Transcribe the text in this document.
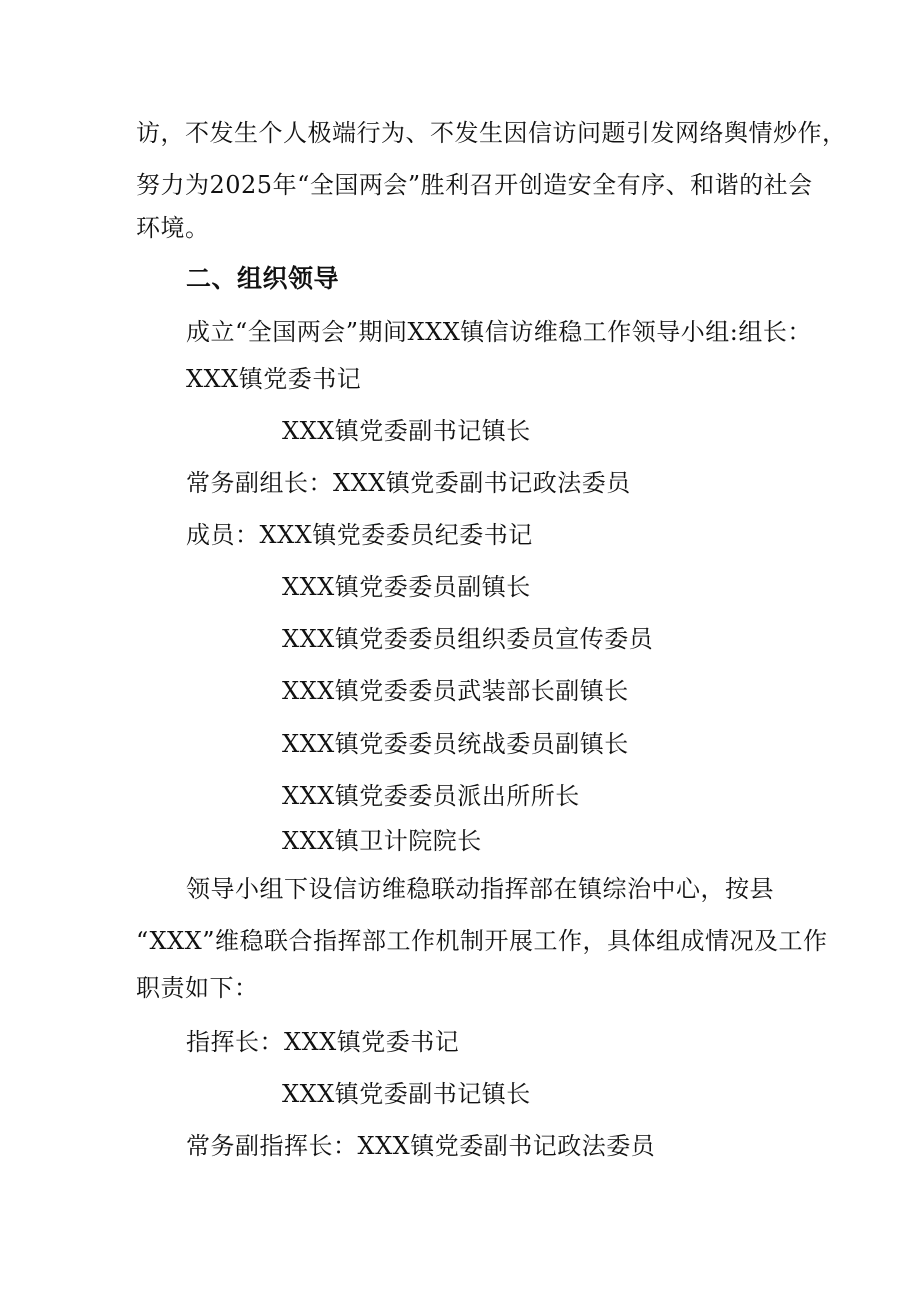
访，不发生个人极端行为、不发生因信访问题引发网络舆情炒作，
努力为2025年“全国两会”胜利召开创造安全有序、和谐的社会
环境。
二、组织领导
成立“全国两会”期间XXX镇信访维稳工作领导小组:组长：
XXX镇党委书记
XXX镇党委副书记镇长
常务副组长：XXX镇党委副书记政法委员
成员：XXX镇党委委员纪委书记
XXX镇党委委员副镇长
XXX镇党委委员组织委员宣传委员
XXX镇党委委员武装部长副镇长
XXX镇党委委员统战委员副镇长
XXX镇党委委员派出所所长
XXX镇卫计院院长
领导小组下设信访维稳联动指挥部在镇综治中心，按县
“XXX”维稳联合指挥部工作机制开展工作，具体组成情况及工作
职责如下：
指挥长：XXX镇党委书记
XXX镇党委副书记镇长
常务副指挥长：XXX镇党委副书记政法委员
